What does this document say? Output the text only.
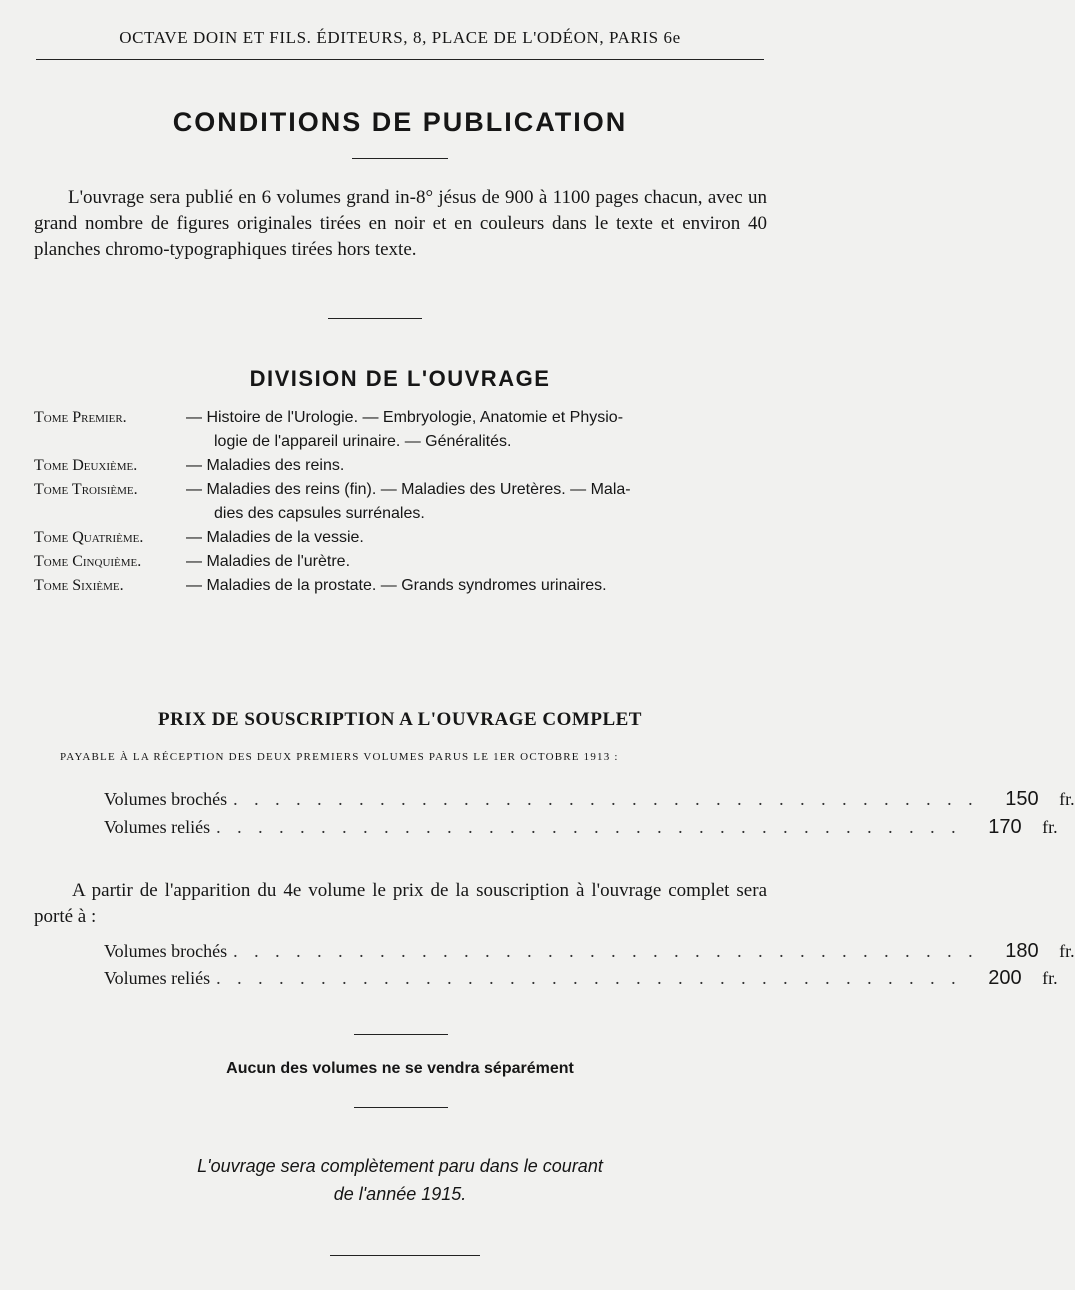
OCTAVE DOIN ET FILS. ÉDITEURS, 8, PLACE DE L'ODÉON, PARIS 6e
CONDITIONS DE PUBLICATION

L'ouvrage sera publié en 6 volumes grand in-8° jésus de 900 à 1100 pages chacun, avec un grand nombre de figures originales tirées en noir et en couleurs dans le texte et environ 40 planches chromo-typographiques tirées hors texte.

DIVISION DE L'OUVRAGE
Tome Premier.	— Histoire de l'Urologie. — Embryologie, Anatomie et Physio-
logie de l'appareil urinaire. — Généralités.
Tome Deuxième.	— Maladies des reins.
Tome Troisième.	— Maladies des reins (fin). — Maladies des Uretères. — Mala-
dies des capsules surrénales.
Tome Quatrième.	— Maladies de la vessie.
Tome Cinquième.	— Maladies de l'urètre.
Tome Sixième.	— Maladies de la prostate. — Grands syndromes urinaires.
PRIX DE SOUSCRIPTION A L'OUVRAGE COMPLET
PAYABLE À LA RÉCEPTION DES DEUX PREMIERS VOLUMES PARUS LE 1ER OCTOBRE 1913 :
Volumes brochés . . . . . . . . . . . . . . . . . . . . . . . . . . . . . . . . . . . .	150	fr.
Volumes reliés . . . . . . . . . . . . . . . . . . . . . . . . . . . . . . . . . . . .	170	fr.

A partir de l'apparition du 4e volume le prix de la souscription à l'ouvrage complet sera porté à :

Volumes brochés . . . . . . . . . . . . . . . . . . . . . . . . . . . . . . . . . . . .	180	fr.
Volumes reliés . . . . . . . . . . . . . . . . . . . . . . . . . . . . . . . . . . . .	200	fr.
Aucun des volumes ne se vendra séparément
L'ouvrage sera complètement paru dans le courant
de l'année 1915.
